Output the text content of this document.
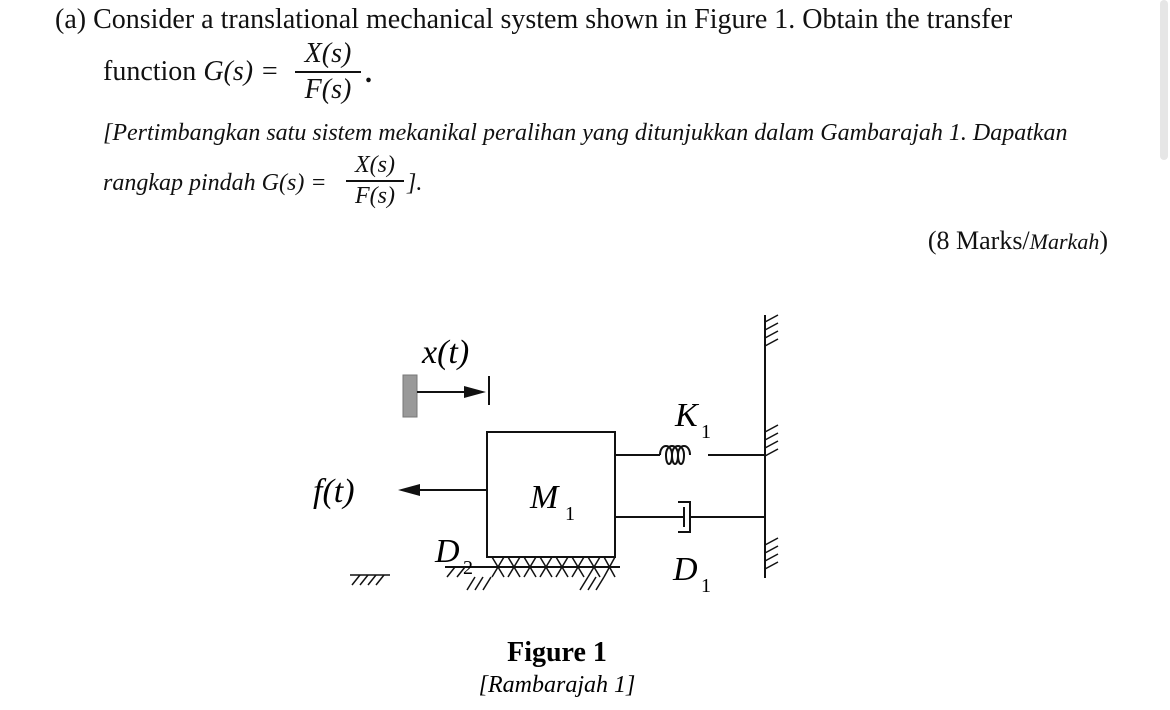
(a) Consider a translational mechanical system shown in Figure 1. Obtain the transfer
function G(s) =
X(s)
F(s)
.
[Pertimbangkan satu sistem mekanikal peralihan yang ditunjukkan dalam Gambarajah 1. Dapatkan
rangkap pindah G(s) =
X(s)
F(s) ].
(8 Marks/Markah)
x(t)
f(t)	M 1
K 1
D 1
D 2
Figure 1
[Rambarajah 1]
